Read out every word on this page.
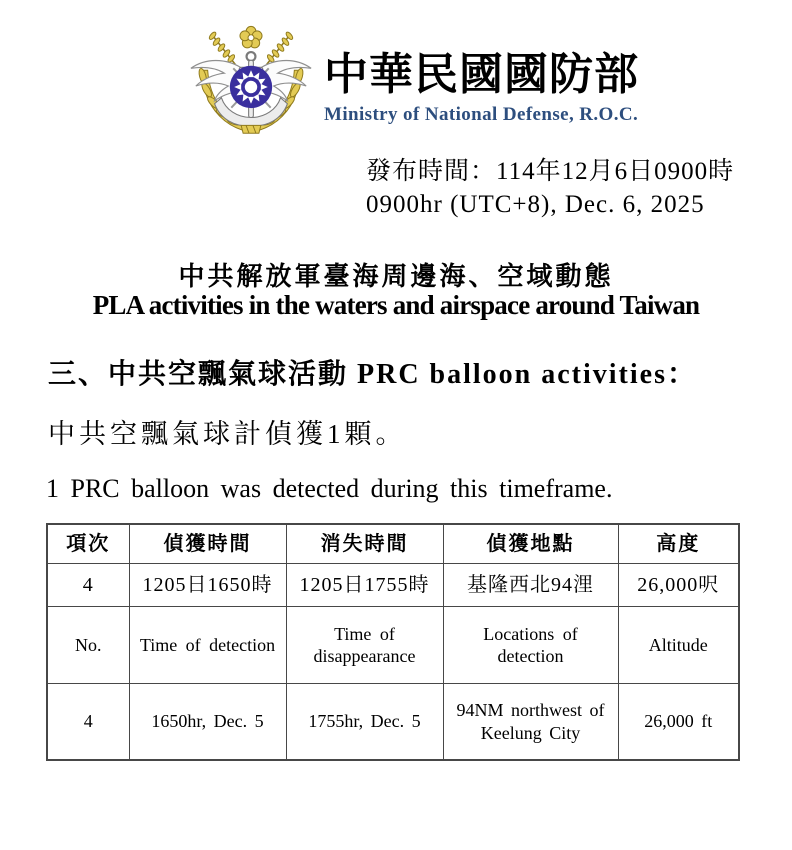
中華民國國防部
Ministry of National Defense, R.O.C.
發布時間：114年12月6日0900時
0900hr (UTC+8), Dec. 6, 2025
中共解放軍臺海周邊海、空域動態
PLA activities in the waters and airspace around Taiwan
三、中共空飄氣球活動 PRC balloon activities：
中共空飄氣球計偵獲1顆。
1 PRC balloon was detected during this timeframe.
項次	偵獲時間	消失時間	偵獲地點	高度
4	1205日1650時	1205日1755時	基隆西北94浬	26,000呎
No.	Time of detection	Time of disappearance	Locations of detection	Altitude
4	1650hr, Dec. 5	1755hr, Dec. 5	94NM northwest of Keelung City	26,000 ft
